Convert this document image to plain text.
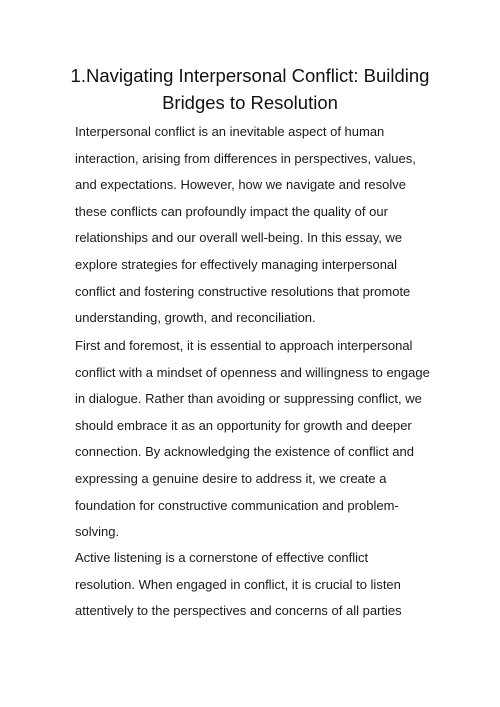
1.Navigating Interpersonal Conflict: Building Bridges to Resolution

Interpersonal conflict is an inevitable aspect of human interaction, arising from differences in perspectives, values, and expectations. However, how we navigate and resolve these conflicts can profoundly impact the quality of our relationships and our overall well-being. In this essay, we explore strategies for effectively managing interpersonal conflict and fostering constructive resolutions that promote understanding, growth, and reconciliation.

First and foremost, it is essential to approach interpersonal conflict with a mindset of openness and willingness to engage in dialogue. Rather than avoiding or suppressing conflict, we should embrace it as an opportunity for growth and deeper connection. By acknowledging the existence of conflict and expressing a genuine desire to address it, we create a foundation for constructive communication and problem-solving.

Active listening is a cornerstone of effective conflict resolution. When engaged in conflict, it is crucial to listen attentively to the perspectives and concerns of all parties
